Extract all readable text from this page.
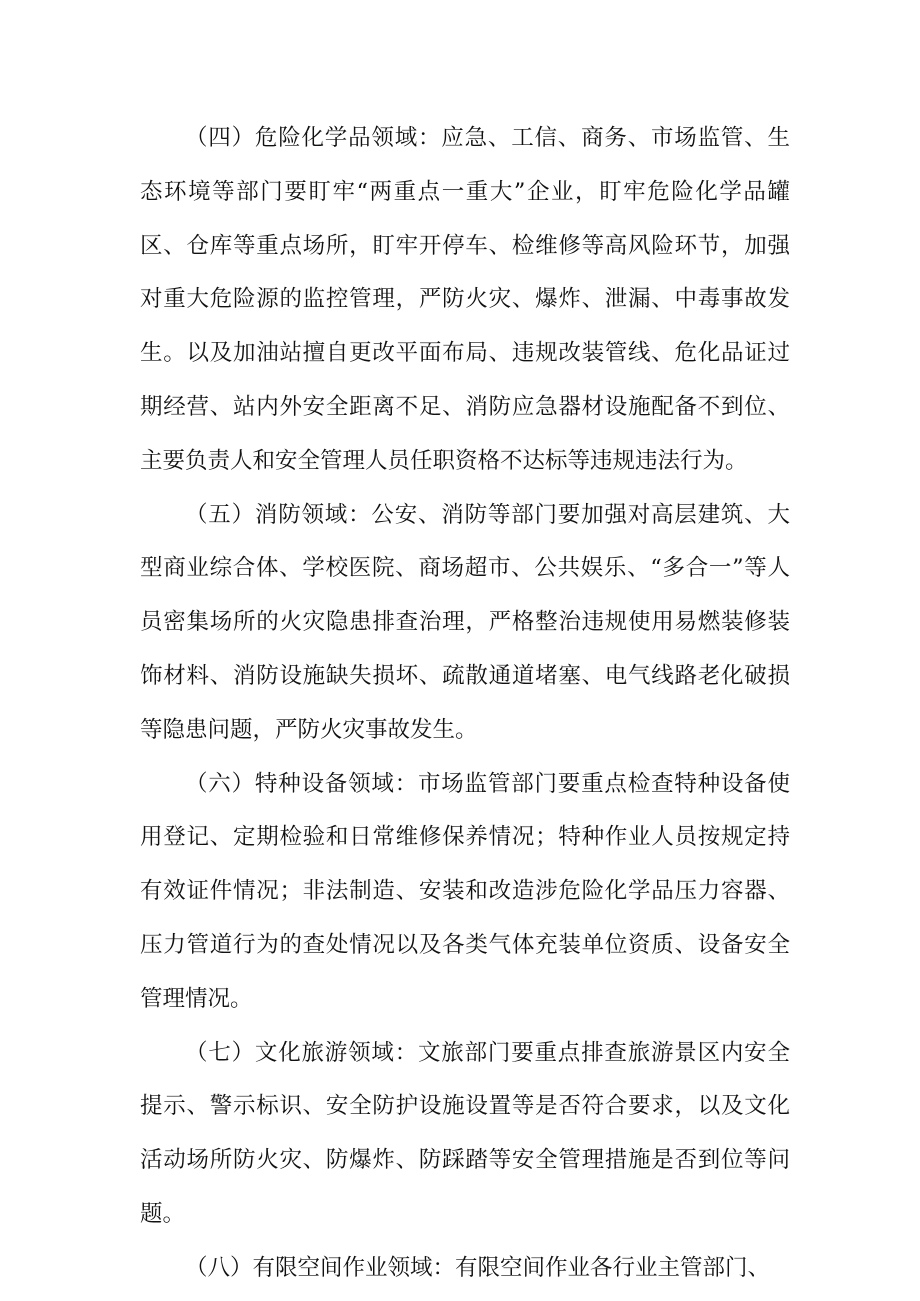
（四）危险化学品领域：应急、工信、商务、市场监管、生态环境等部门要盯牢“两重点一重大”企业，盯牢危险化学品罐区、仓库等重点场所，盯牢开停车、检维修等高风险环节，加强对重大危险源的监控管理，严防火灾、爆炸、泄漏、中毒事故发生。以及加油站擅自更改平面布局、违规改装管线、危化品证过期经营、站内外安全距离不足、消防应急器材设施配备不到位、主要负责人和安全管理人员任职资格不达标等违规违法行为。

（五）消防领域：公安、消防等部门要加强对高层建筑、大型商业综合体、学校医院、商场超市、公共娱乐、“多合一”等人员密集场所的火灾隐患排查治理，严格整治违规使用易燃装修装饰材料、消防设施缺失损坏、疏散通道堵塞、电气线路老化破损等隐患问题，严防火灾事故发生。

（六）特种设备领域：市场监管部门要重点检查特种设备使用登记、定期检验和日常维修保养情况；特种作业人员按规定持有效证件情况；非法制造、安装和改造涉危险化学品压力容器、压力管道行为的查处情况以及各类气体充装单位资质、设备安全管理情况。

（七）文化旅游领域：文旅部门要重点排查旅游景区内安全提示、警示标识、安全防护设施设置等是否符合要求，以及文化活动场所防火灾、防爆炸、防踩踏等安全管理措施是否到位等问题。

（八）有限空间作业领域：有限空间作业各行业主管部门、
